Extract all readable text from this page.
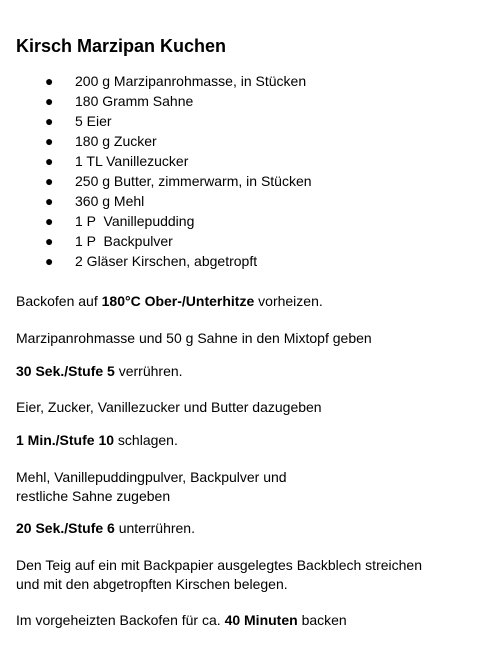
Kirsch Marzipan Kuchen
● 200 g Marzipanrohmasse, in Stücken
● 180 Gramm Sahne
● 5 Eier
● 180 g Zucker
● 1 TL Vanillezucker
● 250 g Butter, zimmerwarm, in Stücken
● 360 g Mehl
● 1 P  Vanillepudding
● 1 P  Backpulver
● 2 Gläser Kirschen, abgetropft

Backofen auf 180°C Ober-/Unterhitze vorheizen.

Marzipanrohmasse und 50 g Sahne in den Mixtopf geben

30 Sek./Stufe 5 verrühren.

Eier, Zucker, Vanillezucker und Butter dazugeben

1 Min./Stufe 10 schlagen.

Mehl, Vanillepuddingpulver, Backpulver und
restliche Sahne zugeben

20 Sek./Stufe 6 unterrühren.

Den Teig auf ein mit Backpapier ausgelegtes Backblech streichen
und mit den abgetropften Kirschen belegen.

Im vorgeheizten Backofen für ca. 40 Minuten backen
